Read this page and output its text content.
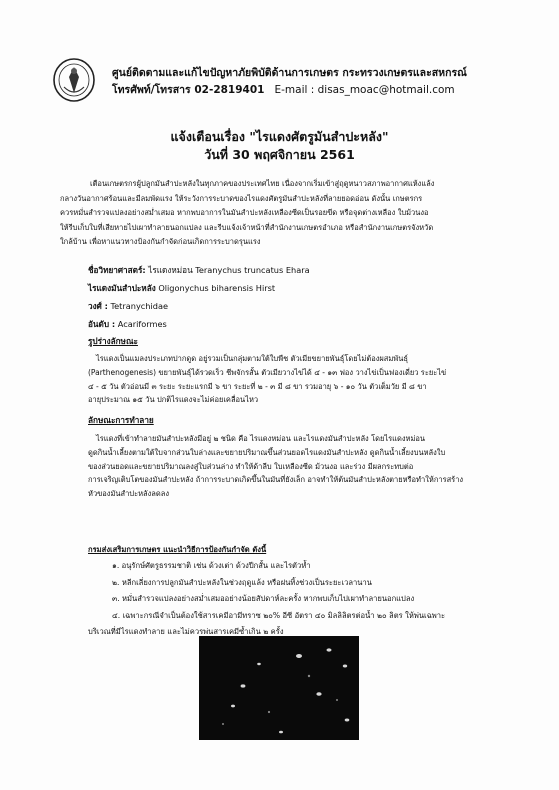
ศูนย์ติดตามและแก้ไขปัญหาภัยพิบัติด้านการเกษตร กระทรวงเกษตรและสหกรณ์
โทรศัพท์/โทรสาร 02-2819401 E-mail : disas_moac@hotmail.com
แจ้งเตือนเรื่อง "ไรแดงศัตรูมันสำปะหลัง"
วันที่ 30 พฤศจิกายน 2561

เตือนเกษตรกรผู้ปลูกมันสำปะหลังในทุกภาคของประเทศไทย เนื่องจากเริ่มเข้าสู่ฤดูหนาวสภาพอากาศแห้งแล้ง

กลางวันอากาศร้อนและมีลมพัดแรง ให้ระวังการระบาดของไรแดงศัตรูมันสำปะหลังที่ลายยอดอ่อน ดังนั้น เกษตรกร
ควรหมั่นสำรวจแปลงอย่างสม่ำเสมอ หากพบอาการในมันสำปะหลังเหลืองซีดเป็นรอยขีด หรือจุดต่างเหลือง ใบม้วนงอ
ให้รีบเก็บใบที่เสียหายไปเผาทำลายนอกแปลง และรีบแจ้งเจ้าหน้าที่สำนักงานเกษตรอำเภอ หรือสำนักงานเกษตรจังหวัด
ใกล้บ้าน เพื่อหาแนวทางป้องกันกำจัดก่อนเกิดการระบาดรุนแรง
ชื่อวิทยาศาสตร์: ไรแดงหม่อน Teranychus truncatus Ehara
ไรแดงมันสำปะหลัง Oligonychus biharensis Hirst
วงศ์ : Tetranychidae
อันดับ : Acariformes
รูปร่างลักษณะ

ไรแดงเป็นแมลงประเภทปากดูด อยู่รวมเป็นกลุ่มตามใต้ใบพืช ตัวเมียขยายพันธุ์โดยไม่ต้องผสมพันธุ์

(Parthenogenesis) ขยายพันธุ์ได้รวดเร็ว ชีพจักรสั้น ตัวเมียวางไข่ได้ ๔ - ๑๓ ฟอง วางไข่เป็นฟองเดี่ยว ระยะไข่
๔ - ๕ วัน ตัวอ่อนมี ๓ ระยะ ระยะแรกมี ๖ ขา ระยะที่ ๒ - ๓ มี ๘ ขา รวมอายุ ๖ - ๑๐ วัน ตัวเต็มวัย มี ๘ ขา
อายุประมาณ ๑๕ วัน ปกติไรแดงจะไม่ค่อยเคลื่อนไหว
ลักษณะการทำลาย

ไรแดงที่เข้าทำลายมันสำปะหลังมีอยู่ ๒ ชนิด คือ ไรแดงหม่อน และไรแดงมันสำปะหลัง โดยไรแดงหม่อน

ดูดกินน้ำเลี้ยงตามใต้ใบจากส่วนใบล่างและขยายปริมาณขึ้นส่วนยอดไรแดงมันสำปะหลัง ดูดกินน้ำเลี้ยงบนหลังใบ
ของส่วนยอดและขยายปริมาณลงสู่ใบส่วนล่าง ทำให้ด้าลีบ ใบเหลืองซีด ม้วนงอ และร่วง มีผลกระทบต่อ
การเจริญเติบโตของมันสำปะหลัง ถ้าการระบาดเกิดขึ้นในมันที่ยังเล็ก อาจทำให้ต้นมันสำปะหลังตายหรือทำให้การสร้าง
หัวของมันสำปะหลังลดลง
กรมส่งเสริมการเกษตร แนะนำวิธีการป้องกันกำจัด ดังนี้
๑. อนุรักษ์ศัตรูธรรมชาติ เช่น ด้วงเต่า ด้วงปีกสั้น และไรตัวห้ำ
๒. หลีกเลี่ยงการปลูกมันสำปะหลังในช่วงฤดูแล้ง หรือฝนทิ้งช่วงเป็นระยะเวลานาน
๓. หมั่นสำรวจแปลงอย่างสม่ำเสมออย่างน้อยสัปดาห์ละครั้ง หากพบเก็บไปเผาทำลายนอกแปลง
๔. เฉพาะกรณีจำเป็นต้องใช้สารเคมีอามีทราซ ๒๐% อีซี อัตรา ๔๐ มิลลิลิตรต่อน้ำ ๒๐ ลิตร ให้พ่นเฉพาะ
บริเวณที่มีไรแดงทำลาย และไม่ควรพ่นสารเคมีซ้ำเกิน ๒ ครั้ง
